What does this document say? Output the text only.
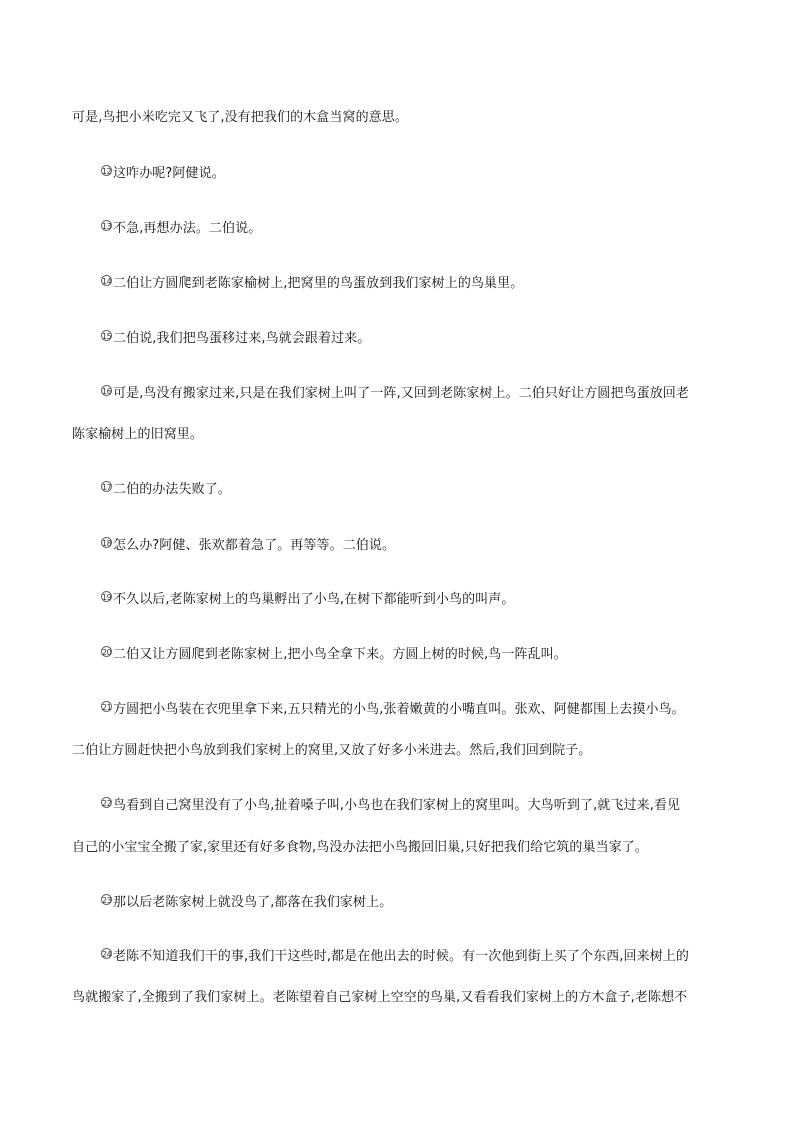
可是,鸟把小米吃完又飞了,没有把我们的木盒当窝的意思。
12 这咋办呢?阿健说。
13 不急,再想办法。二伯说。
14 二伯让方圆爬到老陈家榆树上,把窝里的鸟蛋放到我们家树上的鸟巢里。
15 二伯说,我们把鸟蛋移过来,鸟就会跟着过来。
16 可是,鸟没有搬家过来,只是在我们家树上叫了一阵,又回到老陈家树上。二伯只好让方圆把鸟蛋放回老
陈家榆树上的旧窝里。
17 二伯的办法失败了。
18 怎么办?阿健、张欢都着急了。再等等。二伯说。
19 不久以后,老陈家树上的鸟巢孵出了小鸟,在树下都能听到小鸟的叫声。
20 二伯又让方圆爬到老陈家树上,把小鸟全拿下来。方圆上树的时候,鸟一阵乱叫。
21 方圆把小鸟装在衣兜里拿下来,五只精光的小鸟,张着嫩黄的小嘴直叫。张欢、阿健都围上去摸小鸟。
二伯让方圆赶快把小鸟放到我们家树上的窝里,又放了好多小米进去。然后,我们回到院子。
22 鸟看到自己窝里没有了小鸟,扯着嗓子叫,小鸟也在我们家树上的窝里叫。大鸟听到了,就飞过来,看见
自己的小宝宝全搬了家,家里还有好多食物,鸟没办法把小鸟搬回旧巢,只好把我们给它筑的巢当家了。
23 那以后老陈家树上就没鸟了,都落在我们家树上。
24 老陈不知道我们干的事,我们干这些时,都是在他出去的时候。有一次他到街上买了个东西,回来树上的
鸟就搬家了,全搬到了我们家树上。老陈望着自己家树上空空的鸟巢,又看看我们家树上的方木盒子,老陈想不
